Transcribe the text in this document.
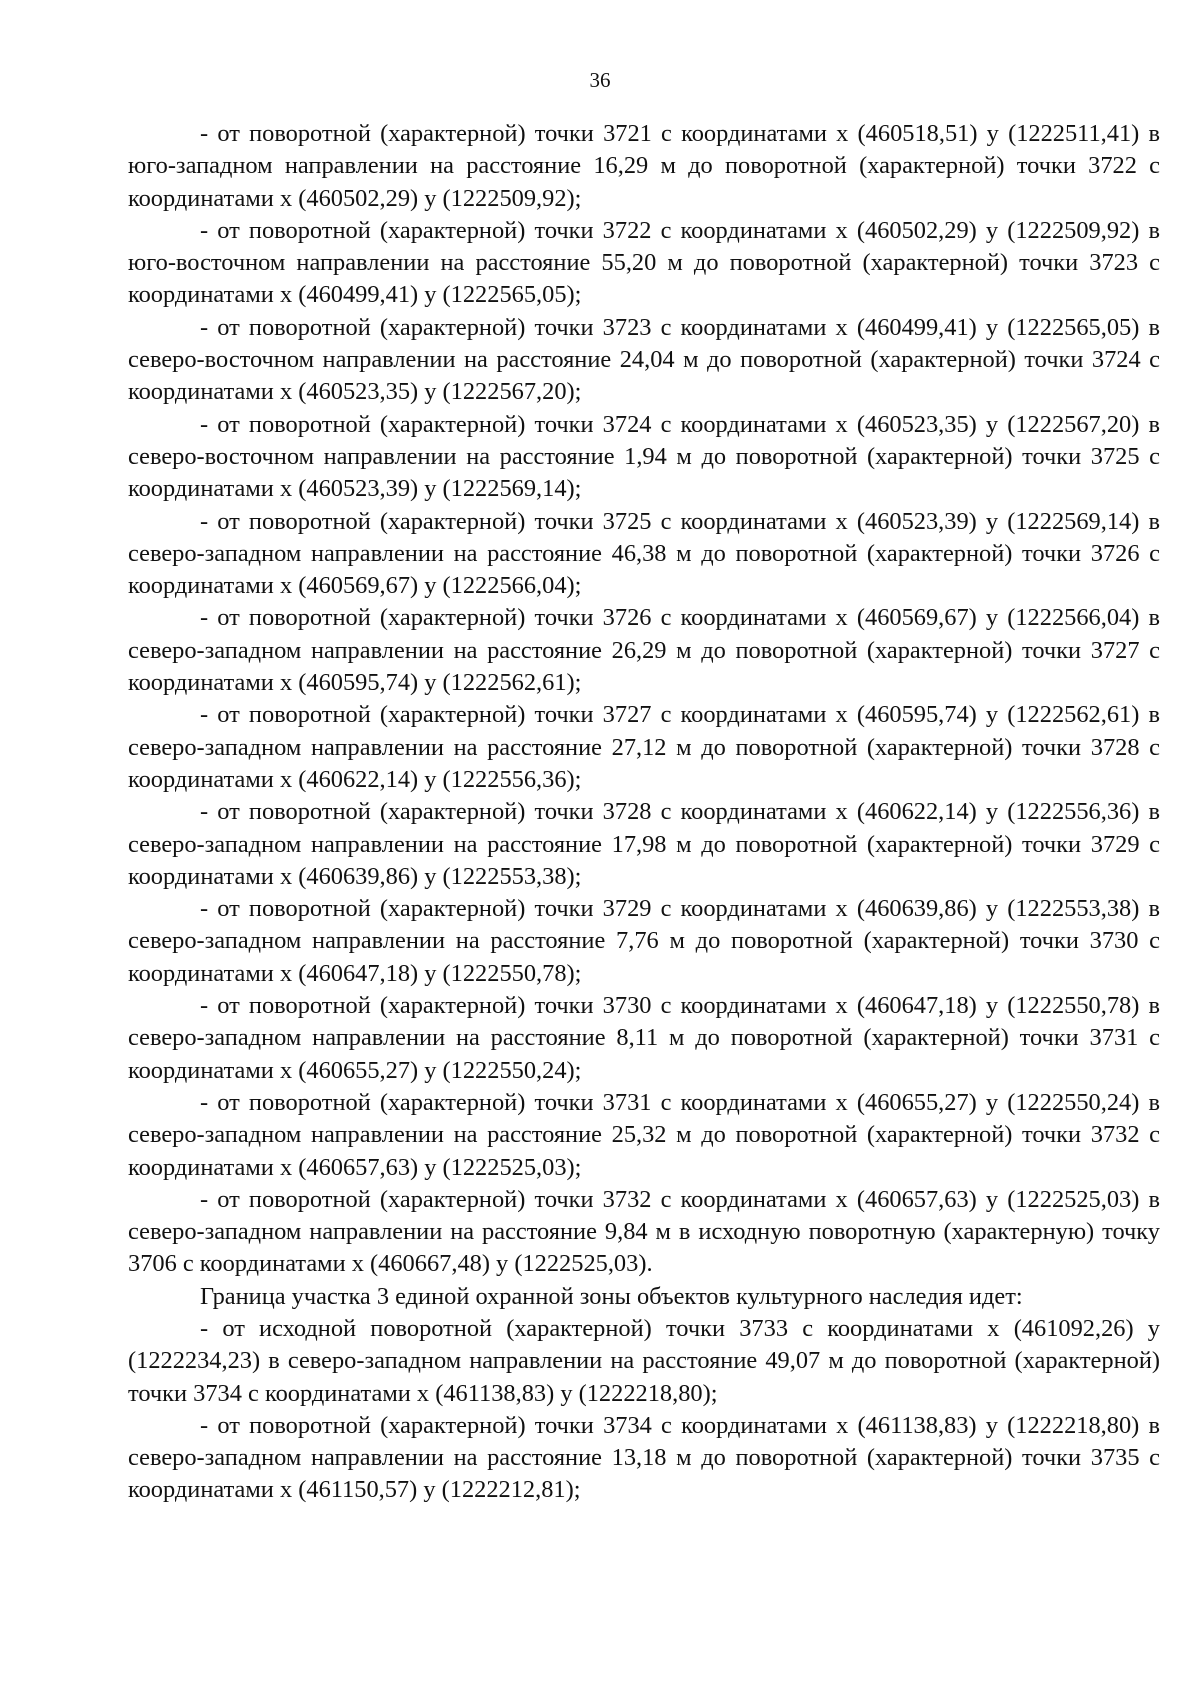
36

- от поворотной (характерной) точки 3721 с координатами х (460518,51) у (1222511,41) в юго-западном направлении на расстояние 16,29 м до поворотной (характерной) точки 3722 с координатами х (460502,29) у (1222509,92);

- от поворотной (характерной) точки 3722 с координатами х (460502,29) у (1222509,92) в юго-восточном направлении на расстояние 55,20 м до поворотной (характерной) точки 3723 с координатами х (460499,41) у (1222565,05);

- от поворотной (характерной) точки 3723 с координатами х (460499,41) у (1222565,05) в северо-восточном направлении на расстояние 24,04 м до поворотной (характерной) точки 3724 с координатами х (460523,35) у (1222567,20);

- от поворотной (характерной) точки 3724 с координатами х (460523,35) у (1222567,20) в северо-восточном направлении на расстояние 1,94 м до поворотной (характерной) точки 3725 с координатами х (460523,39) у (1222569,14);

- от поворотной (характерной) точки 3725 с координатами х (460523,39) у (1222569,14) в северо-западном направлении на расстояние 46,38 м до поворотной (характерной) точки 3726 с координатами х (460569,67) у (1222566,04);

- от поворотной (характерной) точки 3726 с координатами х (460569,67) у (1222566,04) в северо-западном направлении на расстояние 26,29 м до поворотной (характерной) точки 3727 с координатами х (460595,74) у (1222562,61);

- от поворотной (характерной) точки 3727 с координатами х (460595,74) у (1222562,61) в северо-западном направлении на расстояние 27,12 м до поворотной (характерной) точки 3728 с координатами х (460622,14) у (1222556,36);

- от поворотной (характерной) точки 3728 с координатами х (460622,14) у (1222556,36) в северо-западном направлении на расстояние 17,98 м до поворотной (характерной) точки 3729 с координатами х (460639,86) у (1222553,38);

- от поворотной (характерной) точки 3729 с координатами х (460639,86) у (1222553,38) в северо-западном направлении на расстояние 7,76 м до поворотной (характерной) точки 3730 с координатами х (460647,18) у (1222550,78);

- от поворотной (характерной) точки 3730 с координатами х (460647,18) у (1222550,78) в северо-западном направлении на расстояние 8,11 м до поворотной (характерной) точки 3731 с координатами х (460655,27) у (1222550,24);

- от поворотной (характерной) точки 3731 с координатами х (460655,27) у (1222550,24) в северо-западном направлении на расстояние 25,32 м до поворотной (характерной) точки 3732 с координатами х (460657,63) у (1222525,03);

- от поворотной (характерной) точки 3732 с координатами х (460657,63) у (1222525,03) в северо-западном направлении на расстояние 9,84 м в исходную поворотную (характерную) точку 3706 с координатами х (460667,48) у (1222525,03).

Граница участка 3 единой охранной зоны объектов культурного наследия идет:

- от исходной поворотной (характерной) точки 3733 с координатами х (461092,26) у (1222234,23) в северо-западном направлении на расстояние 49,07 м до поворотной (характерной) точки 3734 с координатами х (461138,83) у (1222218,80);

- от поворотной (характерной) точки 3734 с координатами х (461138,83) у (1222218,80) в северо-западном направлении на расстояние 13,18 м до поворотной (характерной) точки 3735 с координатами х (461150,57) у (1222212,81);
